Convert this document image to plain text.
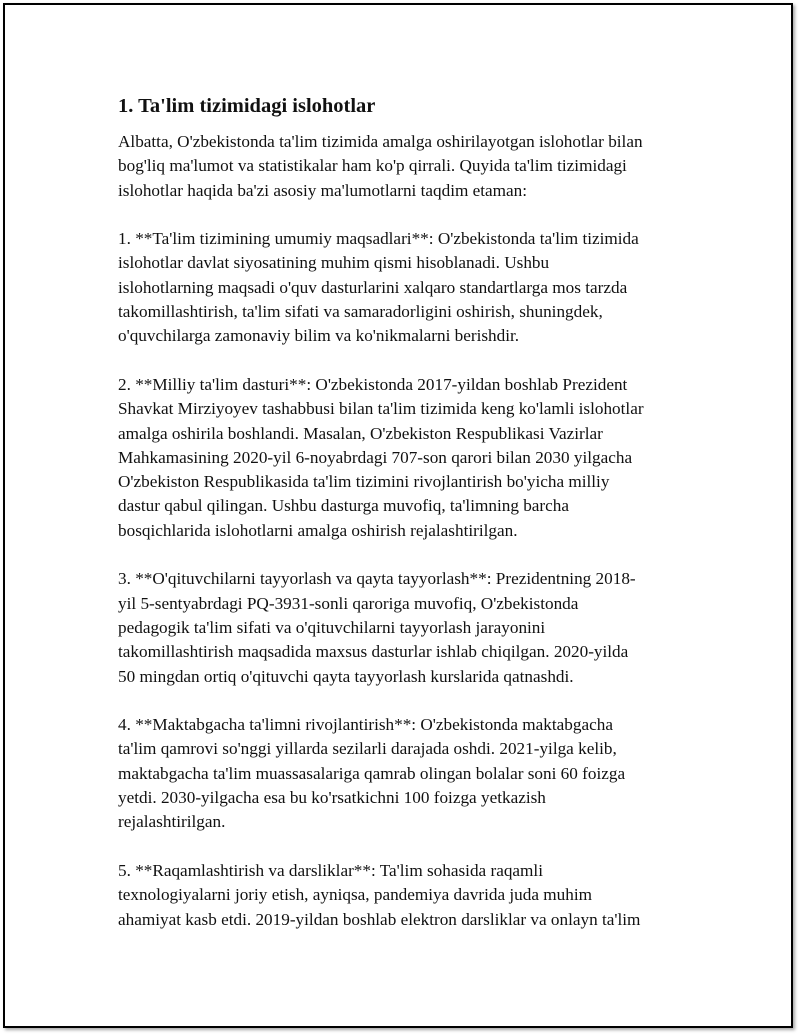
1. Ta'lim tizimidagi islohotlar

Albatta, O'zbekistonda ta'lim tizimida amalga oshirilayotgan islohotlar bilan
bog'liq ma'lumot va statistikalar ham ko'p qirrali. Quyida ta'lim tizimidagi
islohotlar haqida ba'zi asosiy ma'lumotlarni taqdim etaman:

1. **Ta'lim tizimining umumiy maqsadlari**: O'zbekistonda ta'lim tizimida
islohotlar davlat siyosatining muhim qismi hisoblanadi. Ushbu
islohotlarning maqsadi o'quv dasturlarini xalqaro standartlarga mos tarzda
takomillashtirish, ta'lim sifati va samaradorligini oshirish, shuningdek,
o'quvchilarga zamonaviy bilim va ko'nikmalarni berishdir.

2. **Milliy ta'lim dasturi**: O'zbekistonda 2017-yildan boshlab Prezident
Shavkat Mirziyoyev tashabbusi bilan ta'lim tizimida keng ko'lamli islohotlar
amalga oshirila boshlandi. Masalan, O'zbekiston Respublikasi Vazirlar
Mahkamasining 2020-yil 6-noyabrdagi 707-son qarori bilan 2030 yilgacha
O'zbekiston Respublikasida ta'lim tizimini rivojlantirish bo'yicha milliy
dastur qabul qilingan. Ushbu dasturga muvofiq, ta'limning barcha
bosqichlarida islohotlarni amalga oshirish rejalashtirilgan.

3. **O'qituvchilarni tayyorlash va qayta tayyorlash**: Prezidentning 2018-
yil 5-sentyabrdagi PQ-3931-sonli qaroriga muvofiq, O'zbekistonda
pedagogik ta'lim sifati va o'qituvchilarni tayyorlash jarayonini
takomillashtirish maqsadida maxsus dasturlar ishlab chiqilgan. 2020-yilda
50 mingdan ortiq o'qituvchi qayta tayyorlash kurslarida qatnashdi.

4. **Maktabgacha ta'limni rivojlantirish**: O'zbekistonda maktabgacha
ta'lim qamrovi so'nggi yillarda sezilarli darajada oshdi. 2021-yilga kelib,
maktabgacha ta'lim muassasalariga qamrab olingan bolalar soni 60 foizga
yetdi. 2030-yilgacha esa bu ko'rsatkichni 100 foizga yetkazish
rejalashtirilgan.

5. **Raqamlashtirish va darsliklar**: Ta'lim sohasida raqamli
texnologiyalarni joriy etish, ayniqsa, pandemiya davrida juda muhim
ahamiyat kasb etdi. 2019-yildan boshlab elektron darsliklar va onlayn ta'lim
